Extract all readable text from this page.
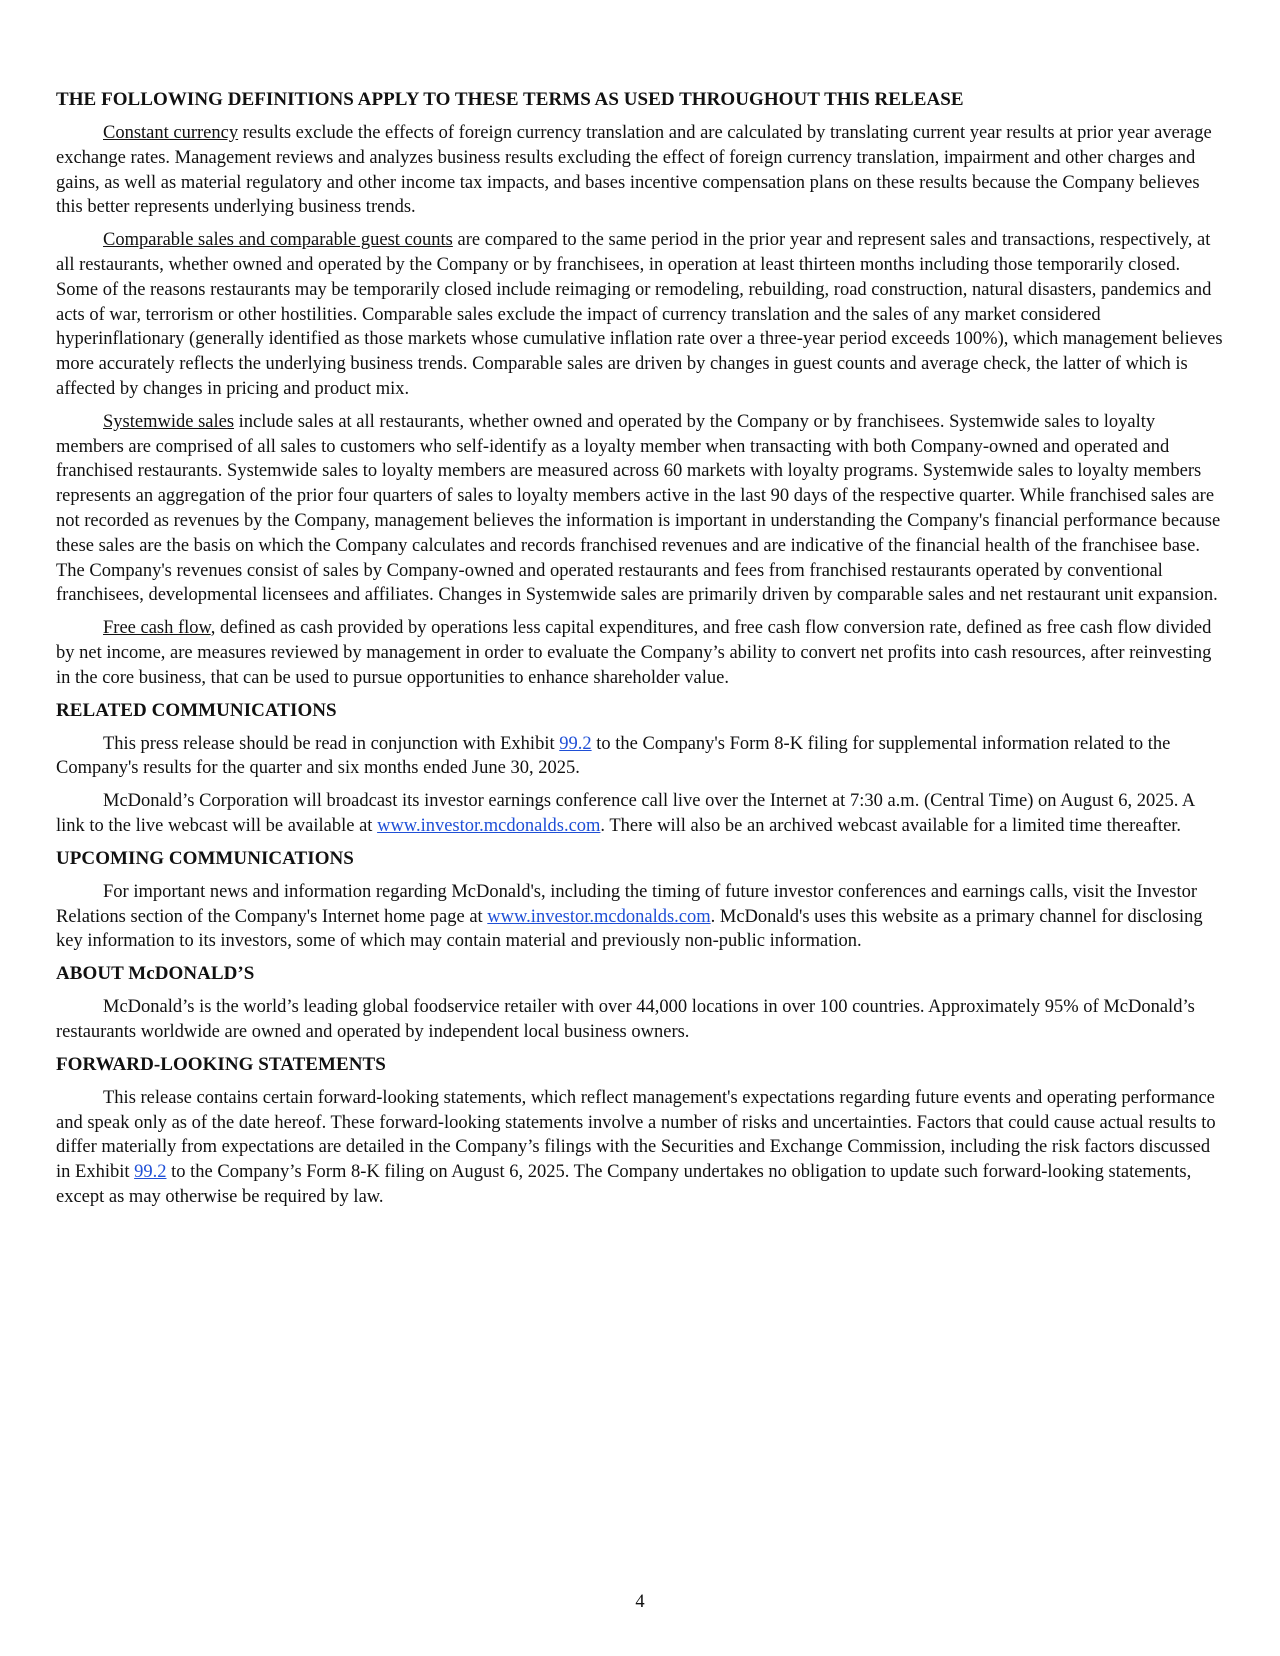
THE FOLLOWING DEFINITIONS APPLY TO THESE TERMS AS USED THROUGHOUT THIS RELEASE

Constant currency results exclude the effects of foreign currency translation and are calculated by translating current year results at prior year average exchange rates. Management reviews and analyzes business results excluding the effect of foreign currency translation, impairment and other charges and gains, as well as material regulatory and other income tax impacts, and bases incentive compensation plans on these results because the Company believes this better represents underlying business trends.

Comparable sales and comparable guest counts are compared to the same period in the prior year and represent sales and transactions, respectively, at all restaurants, whether owned and operated by the Company or by franchisees, in operation at least thirteen months including those temporarily closed. Some of the reasons restaurants may be temporarily closed include reimaging or remodeling, rebuilding, road construction, natural disasters, pandemics and acts of war, terrorism or other hostilities. Comparable sales exclude the impact of currency translation and the sales of any market considered hyperinflationary (generally identified as those markets whose cumulative inflation rate over a three-year period exceeds 100%), which management believes more accurately reflects the underlying business trends. Comparable sales are driven by changes in guest counts and average check, the latter of which is affected by changes in pricing and product mix.

Systemwide sales include sales at all restaurants, whether owned and operated by the Company or by franchisees. Systemwide sales to loyalty members are comprised of all sales to customers who self-identify as a loyalty member when transacting with both Company-owned and operated and franchised restaurants. Systemwide sales to loyalty members are measured across 60 markets with loyalty programs. Systemwide sales to loyalty members represents an aggregation of the prior four quarters of sales to loyalty members active in the last 90 days of the respective quarter. While franchised sales are not recorded as revenues by the Company, management believes the information is important in understanding the Company's financial performance because these sales are the basis on which the Company calculates and records franchised revenues and are indicative of the financial health of the franchisee base. The Company's revenues consist of sales by Company-owned and operated restaurants and fees from franchised restaurants operated by conventional franchisees, developmental licensees and affiliates. Changes in Systemwide sales are primarily driven by comparable sales and net restaurant unit expansion.

Free cash flow, defined as cash provided by operations less capital expenditures, and free cash flow conversion rate, defined as free cash flow divided by net income, are measures reviewed by management in order to evaluate the Company’s ability to convert net profits into cash resources, after reinvesting in the core business, that can be used to pursue opportunities to enhance shareholder value.

RELATED COMMUNICATIONS

This press release should be read in conjunction with Exhibit 99.2 to the Company's Form 8-K filing for supplemental information related to the Company's results for the quarter and six months ended June 30, 2025.

McDonald’s Corporation will broadcast its investor earnings conference call live over the Internet at 7:30 a.m. (Central Time) on August 6, 2025. A link to the live webcast will be available at www.investor.mcdonalds.com. There will also be an archived webcast available for a limited time thereafter.

UPCOMING COMMUNICATIONS

For important news and information regarding McDonald's, including the timing of future investor conferences and earnings calls, visit the Investor Relations section of the Company's Internet home page at www.investor.mcdonalds.com. McDonald's uses this website as a primary channel for disclosing key information to its investors, some of which may contain material and previously non-public information.

ABOUT McDONALD’S

McDonald’s is the world’s leading global foodservice retailer with over 44,000 locations in over 100 countries. Approximately 95% of McDonald’s restaurants worldwide are owned and operated by independent local business owners.

FORWARD-LOOKING STATEMENTS

This release contains certain forward-looking statements, which reflect management's expectations regarding future events and operating performance and speak only as of the date hereof. These forward-looking statements involve a number of risks and uncertainties. Factors that could cause actual results to differ materially from expectations are detailed in the Company’s filings with the Securities and Exchange Commission, including the risk factors discussed in Exhibit 99.2 to the Company’s Form 8-K filing on August 6, 2025. The Company undertakes no obligation to update such forward-looking statements, except as may otherwise be required by law.

4
